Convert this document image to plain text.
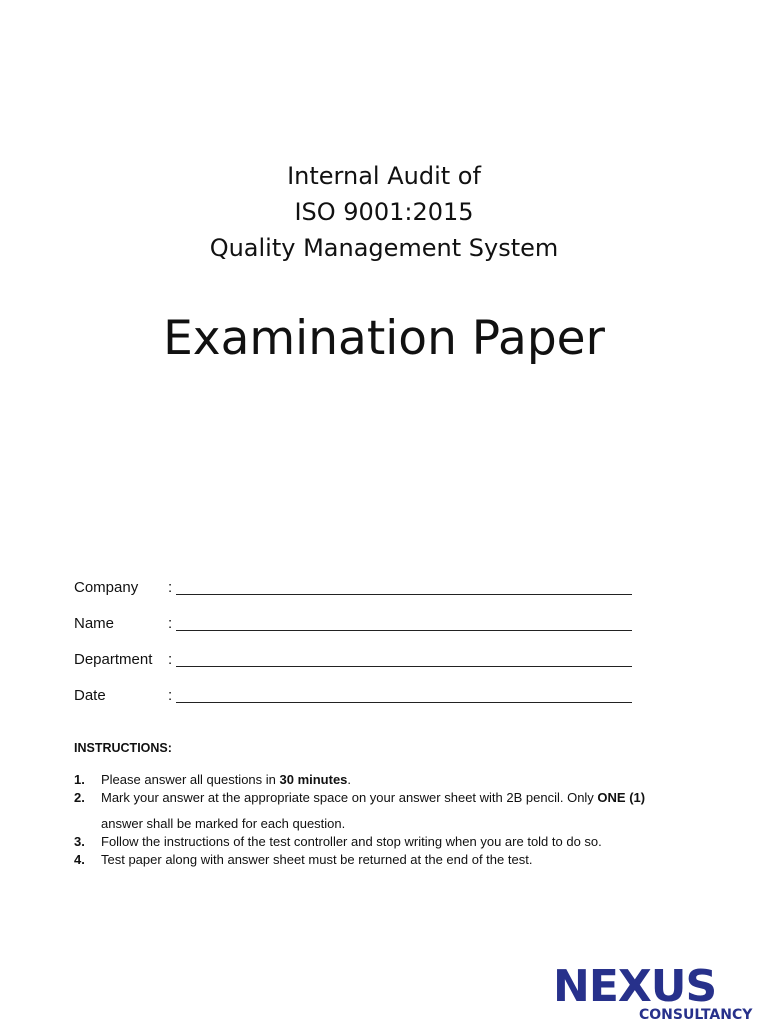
Internal Audit of
ISO 9001:2015
Quality Management System
Examination Paper
Company	:
Name	:
Department	:
Date	:
INSTRUCTIONS:
1.	Please answer all questions in 30 minutes.
2.	Mark your answer at the appropriate space on your answer sheet with 2B pencil. Only ONE (1)
answer shall be marked for each question.
3.	Follow the instructions of the test controller and stop writing when you are told to do so.
4.	Test paper along with answer sheet must be returned at the end of the test.
NEXUS
CONSULTANCY
